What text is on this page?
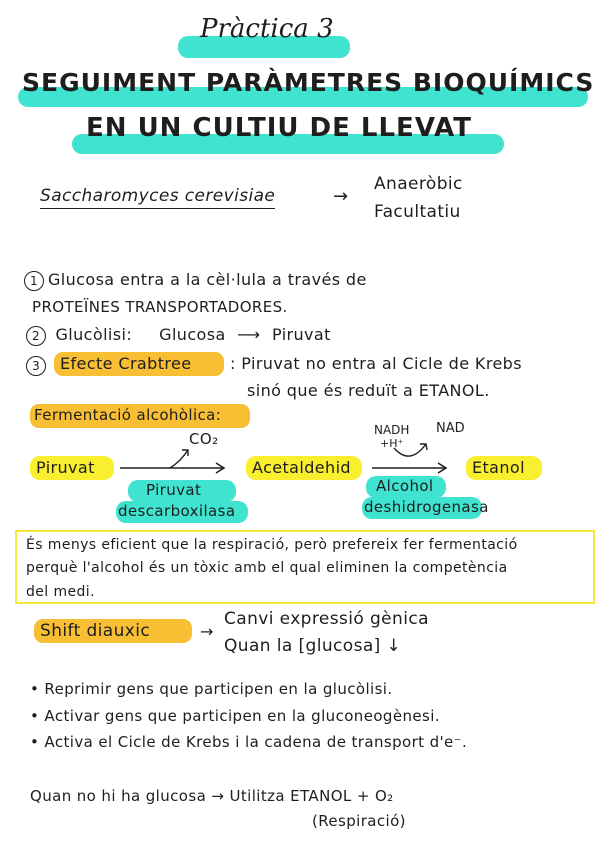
Pràctica 3
SEGUIMENT PARÀMETRES BIOQUÍMICS
EN UN CULTIU DE LLEVAT
Saccharomyces cerevisiae	→
Anaeròbic
Facultatiu
1 Glucosa entra a la cèl·lula a través de
PROTEÏNES TRANSPORTADORES.
2 Glucòlisi: Glucosa ⟶ Piruvat
3	Efecte Crabtree : Piruvat no entra al Cicle de Krebs
sinó que és reduït a ETANOL.
Fermentació alcohòlica:
Piruvat
CO₂
Piruvat
descarboxilasa
Acetaldehid
NADH
+H⁺
NAD
Alcohol
deshidrogenasa
Etanol
És menys eficient que la respiració, però prefereix fer fermentació
perquè l'alcohol és un tòxic amb el qual eliminen la competència
del medi.
Shift diauxic	→
Canvi expressió gènica
Quan la [glucosa] ↓
• Reprimir gens que participen en la glucòlisi.
• Activar gens que participen en la gluconeogènesi.
• Activa el Cicle de Krebs i la cadena de transport d'e⁻.
Quan no hi ha glucosa → Utilitza ETANOL + O₂
(Respiració)
